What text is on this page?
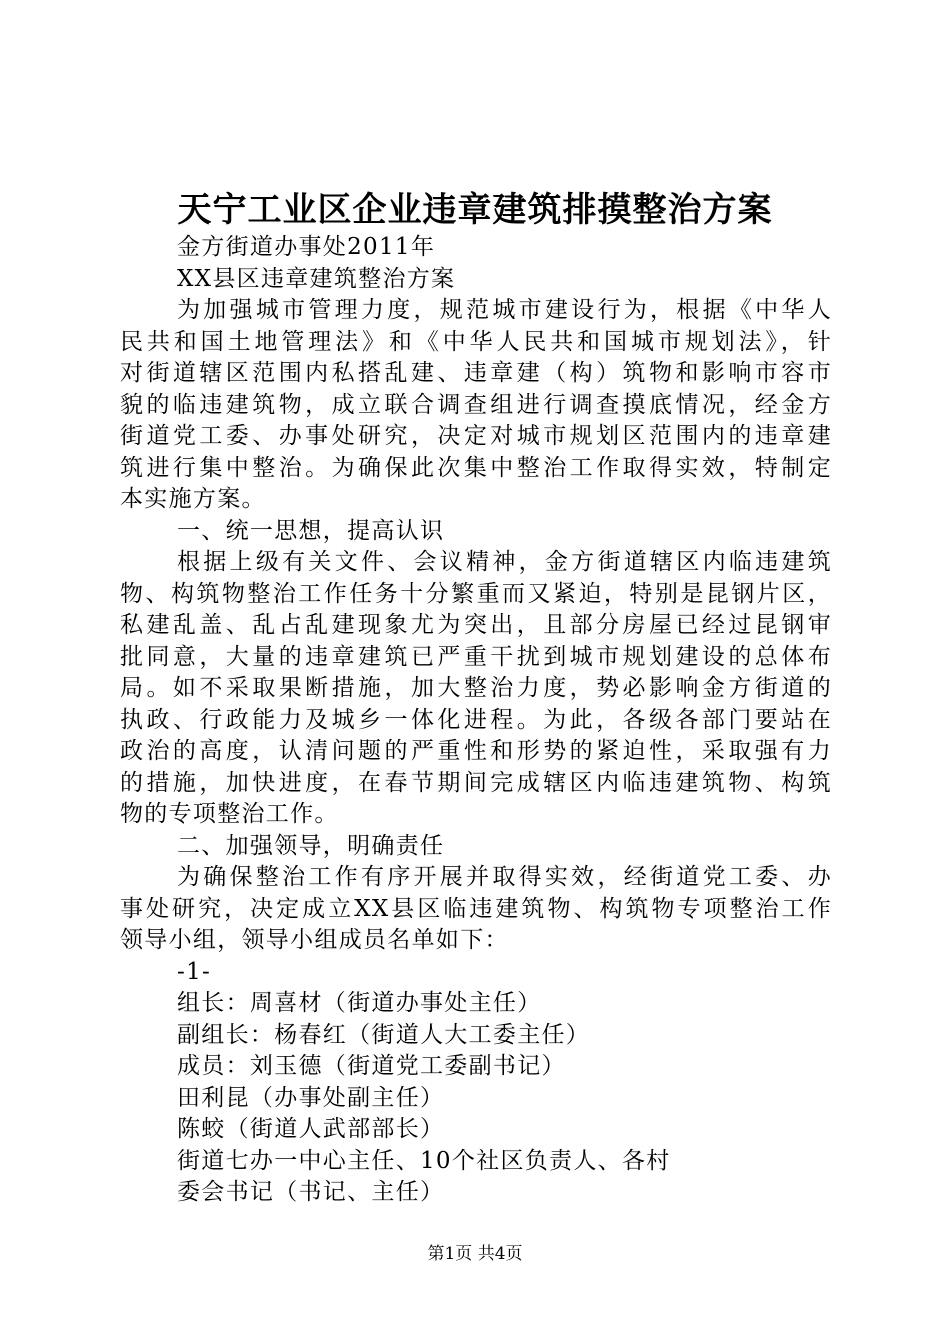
天宁工业区企业违章建筑排摸整治方案
金方街道办事处2011年
XX县区违章建筑整治方案
为加强城市管理力度，规范城市建设行为，根据《中华人
民共和国土地管理法》和《中华人民共和国城市规划法》，针
对街道辖区范围内私搭乱建、违章建（构）筑物和影响市容市
貌的临违建筑物，成立联合调查组进行调查摸底情况，经金方
街道党工委、办事处研究，决定对城市规划区范围内的违章建
筑进行集中整治。为确保此次集中整治工作取得实效，特制定
本实施方案。
一、统一思想，提高认识
根据上级有关文件、会议精神，金方街道辖区内临违建筑
物、构筑物整治工作任务十分繁重而又紧迫，特别是昆钢片区，
私建乱盖、乱占乱建现象尤为突出，且部分房屋已经过昆钢审
批同意，大量的违章建筑已严重干扰到城市规划建设的总体布
局。如不采取果断措施，加大整治力度，势必影响金方街道的
执政、行政能力及城乡一体化进程。为此，各级各部门要站在
政治的高度，认清问题的严重性和形势的紧迫性，采取强有力
的措施，加快进度，在春节期间完成辖区内临违建筑物、构筑
物的专项整治工作。
二、加强领导，明确责任
为确保整治工作有序开展并取得实效，经街道党工委、办
事处研究，决定成立XX县区临违建筑物、构筑物专项整治工作
领导小组，领导小组成员名单如下：
-1-
组长：周喜材（街道办事处主任）
副组长：杨春红（街道人大工委主任）
成员：刘玉德（街道党工委副书记）
田利昆（办事处副主任）
陈蛟（街道人武部部长）
街道七办一中心主任、10个社区负责人、各村
委会书记（书记、主任）
第1页 共4页
